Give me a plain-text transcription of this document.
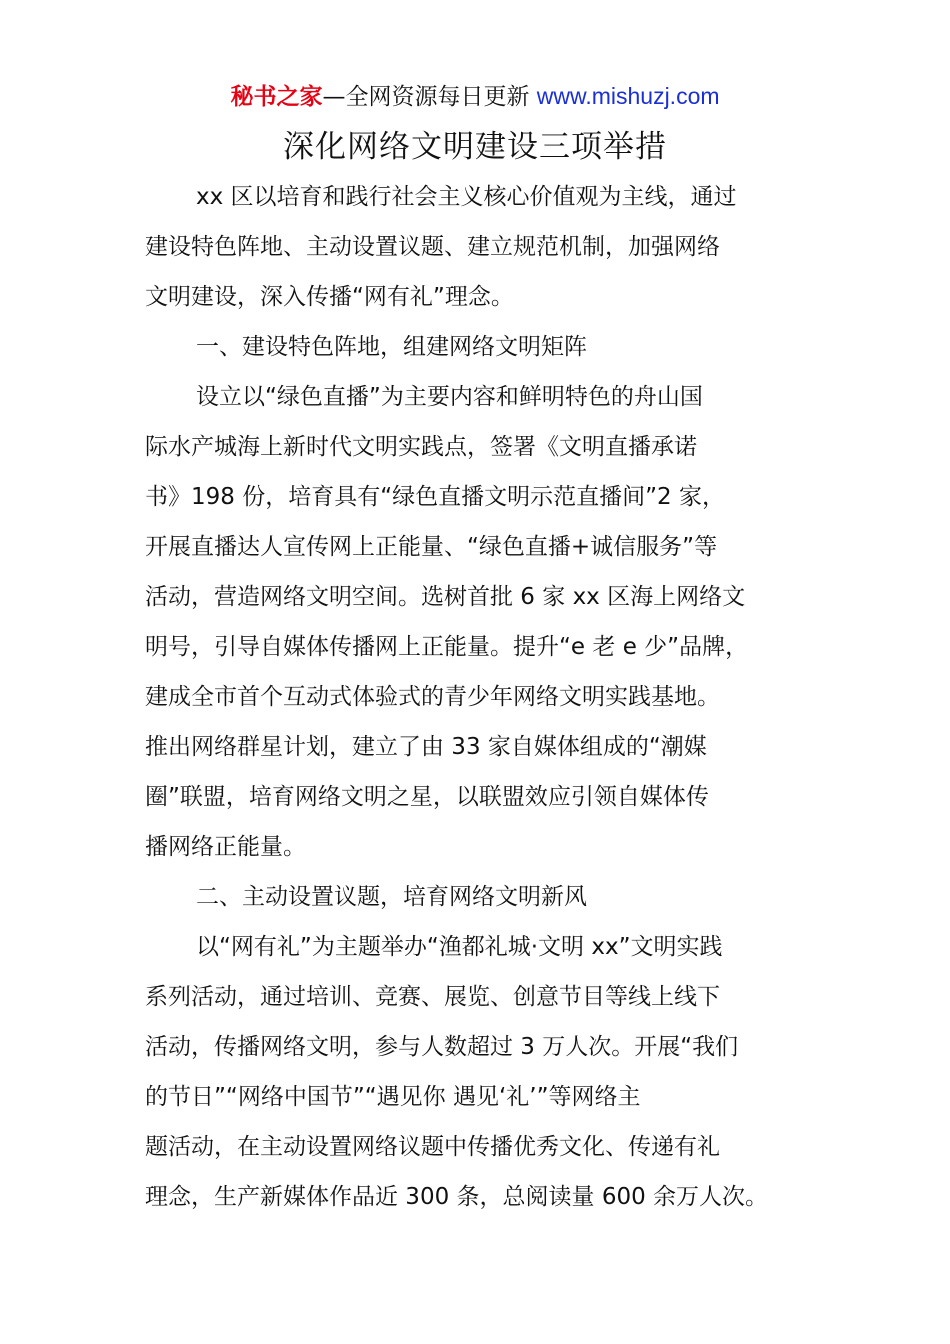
秘书之家—全网资源每日更新 www.mishuzj.com
深化网络文明建设三项举措
xx 区以培育和践行社会主义核心价值观为主线，通过
建设特色阵地、主动设置议题、建立规范机制，加强网络
文明建设，深入传播“网有礼”理念。
一、建设特色阵地，组建网络文明矩阵
设立以“绿色直播”为主要内容和鲜明特色的舟山国
际水产城海上新时代文明实践点，签署《文明直播承诺
书》198 份，培育具有“绿色直播文明示范直播间”2 家，
开展直播达人宣传网上正能量、“绿色直播+诚信服务”等
活动，营造网络文明空间。选树首批 6 家 xx 区海上网络文
明号，引导自媒体传播网上正能量。提升“e 老 e 少”品牌，
建成全市首个互动式体验式的青少年网络文明实践基地。
推出网络群星计划，建立了由 33 家自媒体组成的“潮媒
圈”联盟，培育网络文明之星，以联盟效应引领自媒体传
播网络正能量。
二、主动设置议题，培育网络文明新风
以“网有礼”为主题举办“渔都礼城·文明 xx”文明实践
系列活动，通过培训、竞赛、展览、创意节目等线上线下
活动，传播网络文明，参与人数超过 3 万人次。开展“我们
的节日”“网络中国节”“遇见你 遇见‘礼’”等网络主
题活动，在主动设置网络议题中传播优秀文化、传递有礼
理念，生产新媒体作品近 300 条，总阅读量 600 余万人次。
